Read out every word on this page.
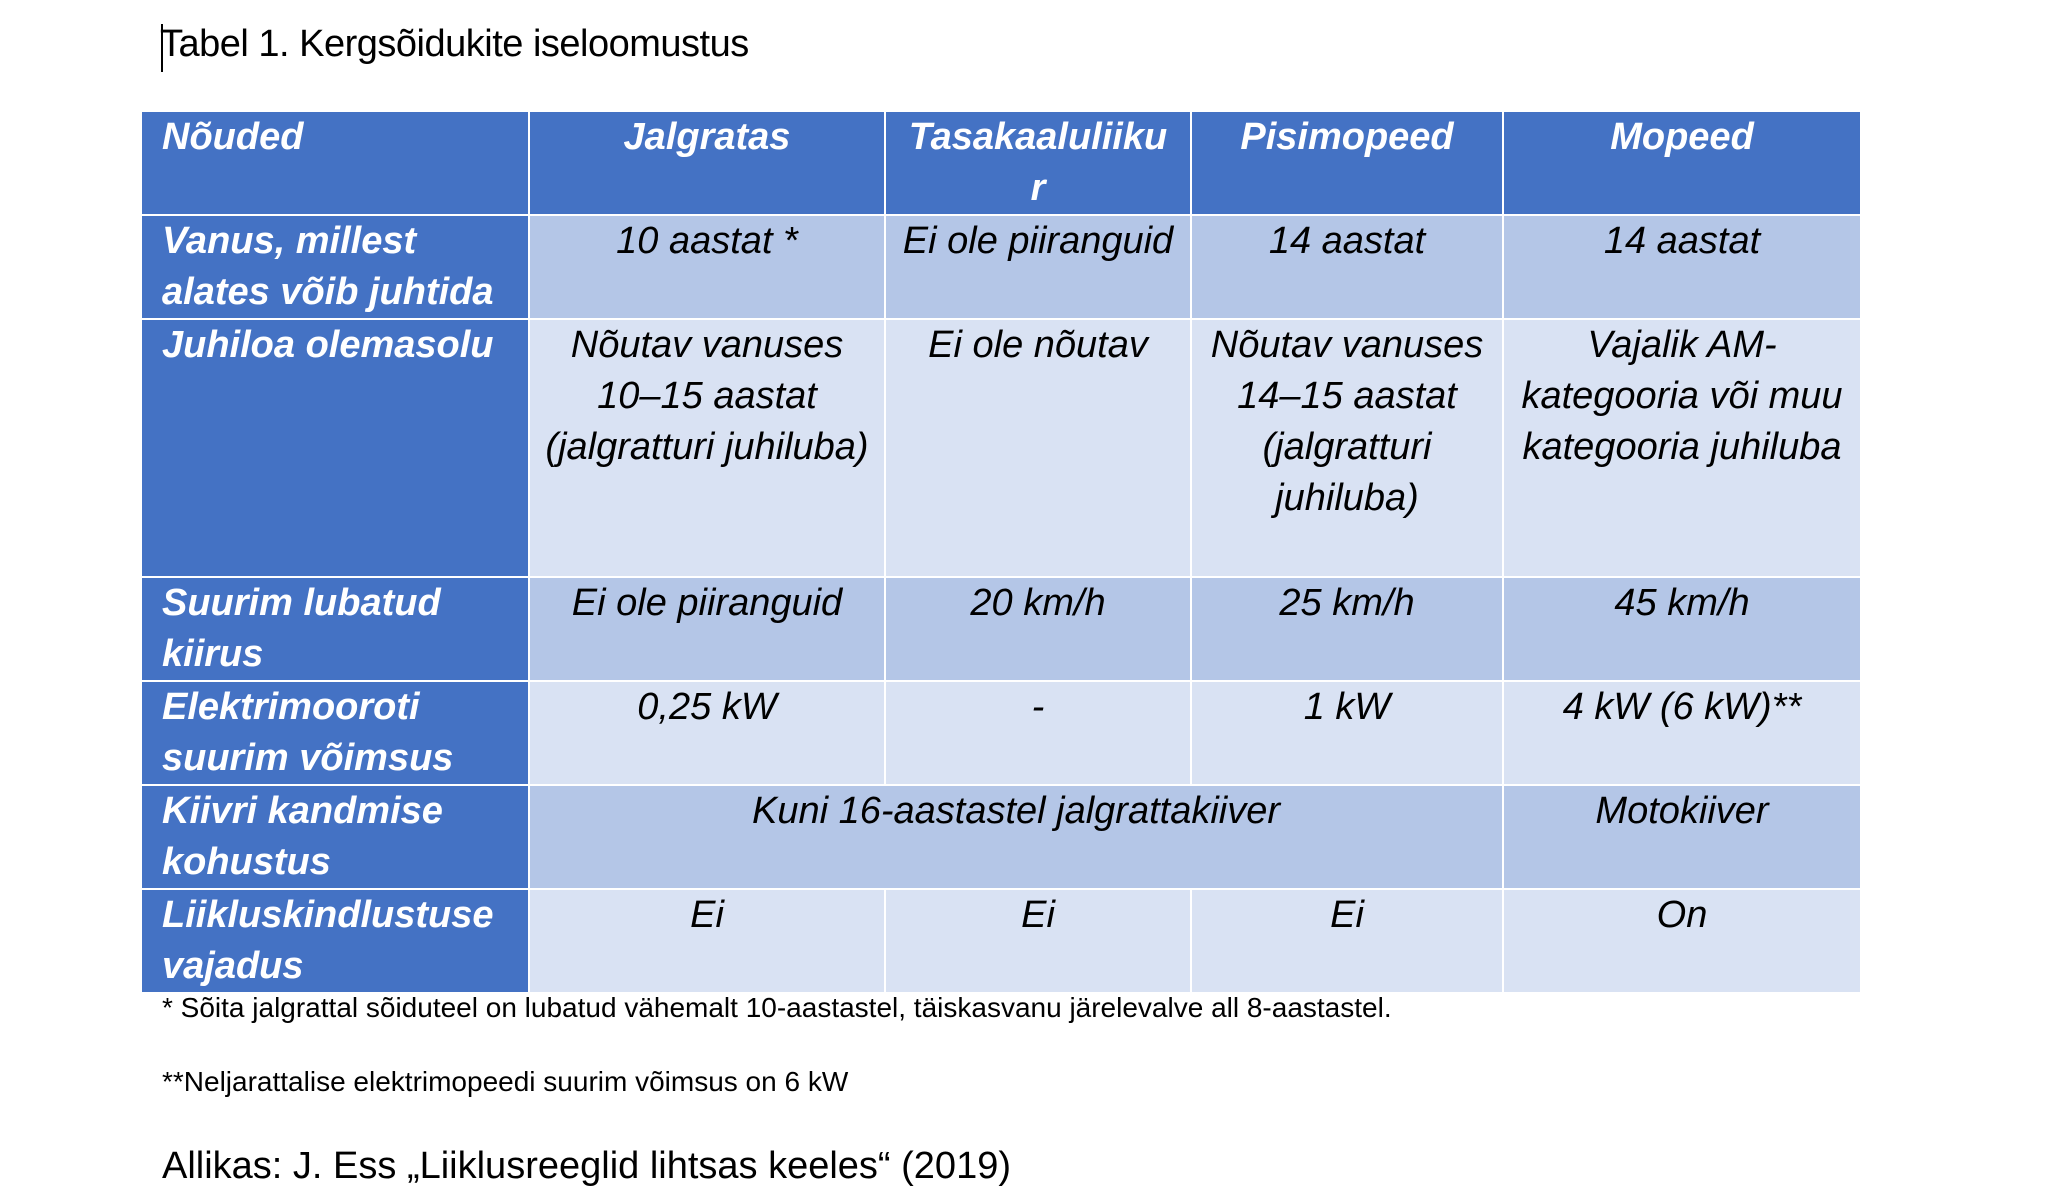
Tabel 1. Kergsõidukite iseloomustus
Nõuded	Jalgratas	Tasakaaluliiku r	Pisimopeed	Mopeed
Vanus, millest alates võib juhtida	10 aastat *	Ei ole piiranguid	14 aastat	14 aastat
Juhiloa olemasolu	Nõutav vanuses 10–15 aastat (jalgratturi juhiluba)	Ei ole nõutav	Nõutav vanuses 14–15 aastat (jalgratturi juhiluba)	Vajalik AM-kategooria või muu kategooria juhiluba
Suurim lubatud kiirus	Ei ole piiranguid	20 km/h	25 km/h	45 km/h
Elektrimooroti suurim võimsus	0,25 kW	-	1 kW	4 kW (6 kW)**
Kiivri kandmise kohustus	Kuni 16-aastastel jalgrattakiiver			Motokiiver
Liikluskindlustuse vajadus	Ei	Ei	Ei	On
* Sõita jalgrattal sõiduteel on lubatud vähemalt 10-aastastel, täiskasvanu järelevalve all 8-aastastel.
**Neljarattalise elektrimopeedi suurim võimsus on 6 kW
Allikas: J. Ess „Liiklusreeglid lihtsas keeles“ (2019)
